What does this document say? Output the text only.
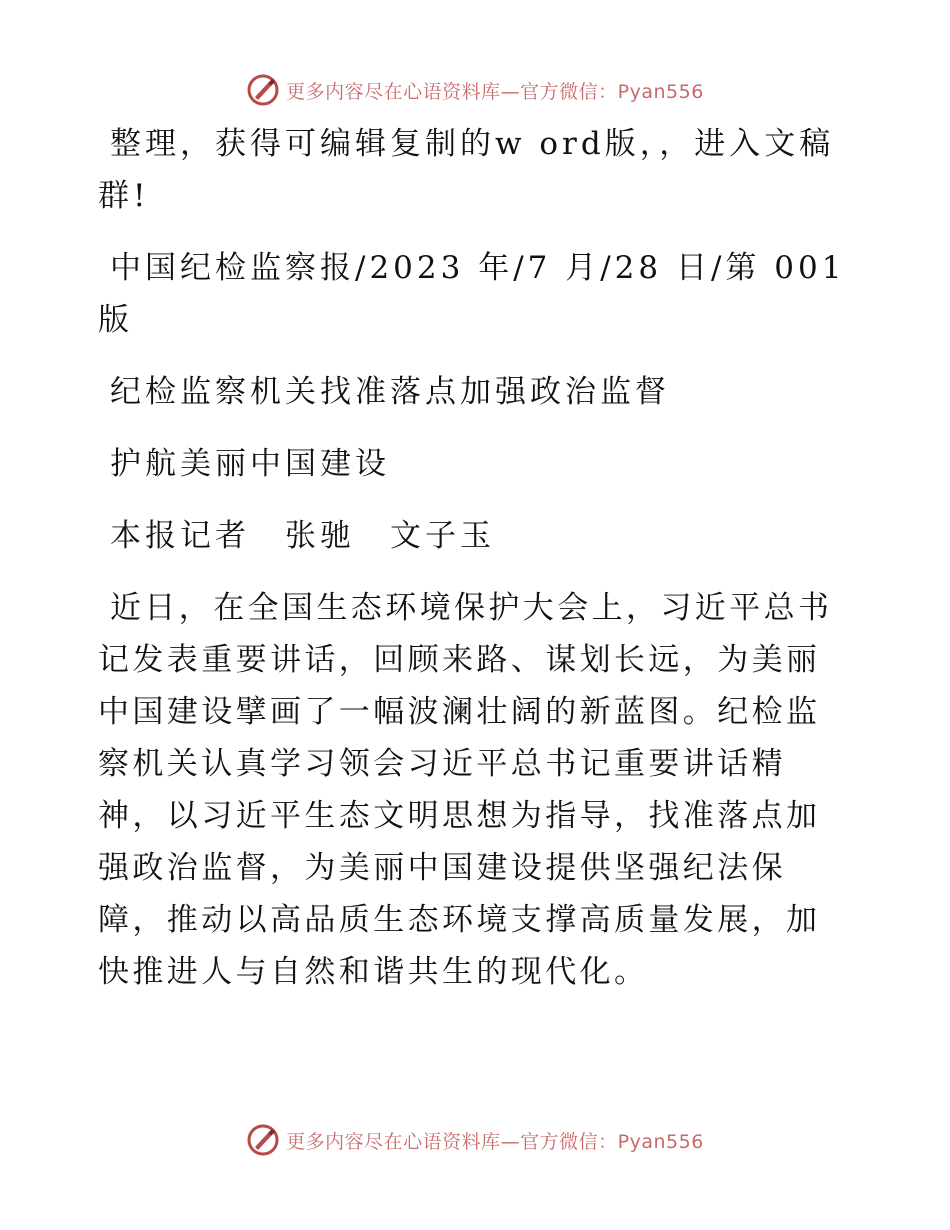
更多内容尽在心语资料库—官方微信：Pyan556

整理，获得可编辑复制的w ord版，，进入文稿群!

中国纪检监察报/2023 年/7 月/28 日/第 001 版

纪检监察机关找准落点加强政治监督

护航美丽中国建设

本报记者　张驰　文子玉

近日，在全国生态环境保护大会上，习近平总书记发表重要讲话，回顾来路、谋划长远，为美丽中国建设擘画了一幅波澜壮阔的新蓝图。纪检监察机关认真学习领会习近平总书记重要讲话精神，以习近平生态文明思想为指导，找准落点加强政治监督，为美丽中国建设提供坚强纪法保障，推动以高品质生态环境支撑高质量发展，加快推进人与自然和谐共生的现代化。

更多内容尽在心语资料库—官方微信：Pyan556
